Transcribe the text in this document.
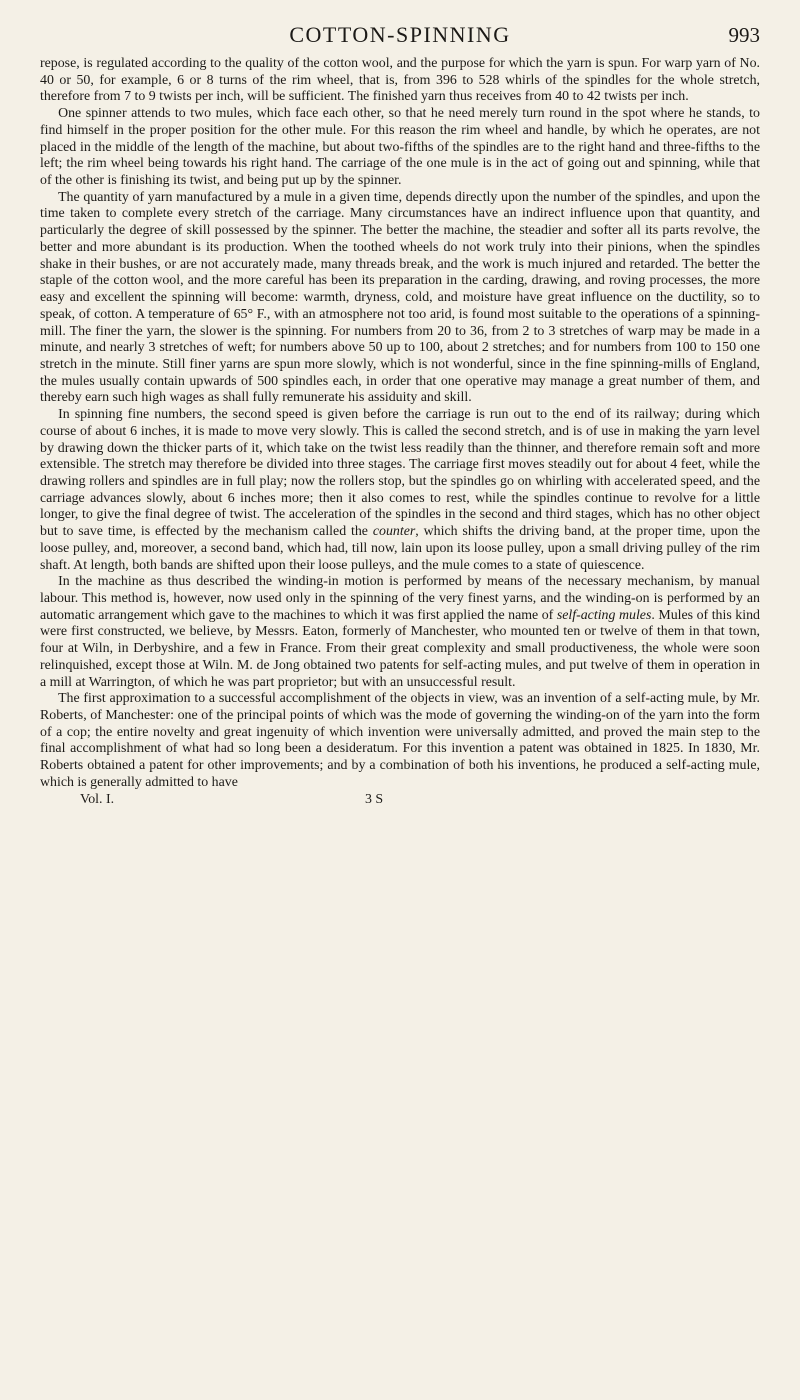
COTTON-SPINNING	993

repose, is regulated according to the quality of the cotton wool, and the purpose for which the yarn is spun. For warp yarn of No. 40 or 50, for example, 6 or 8 turns of the rim wheel, that is, from 396 to 528 whirls of the spindles for the whole stretch, therefore from 7 to 9 twists per inch, will be sufficient. The finished yarn thus receives from 40 to 42 twists per inch.

One spinner attends to two mules, which face each other, so that he need merely turn round in the spot where he stands, to find himself in the proper position for the other mule. For this reason the rim wheel and handle, by which he operates, are not placed in the middle of the length of the machine, but about two-fifths of the spindles are to the right hand and three-fifths to the left; the rim wheel being towards his right hand. The carriage of the one mule is in the act of going out and spinning, while that of the other is finishing its twist, and being put up by the spinner.

The quantity of yarn manufactured by a mule in a given time, depends directly upon the number of the spindles, and upon the time taken to complete every stretch of the carriage. Many circumstances have an indirect influence upon that quantity, and particularly the degree of skill possessed by the spinner. The better the machine, the steadier and softer all its parts revolve, the better and more abundant is its production. When the toothed wheels do not work truly into their pinions, when the spindles shake in their bushes, or are not accurately made, many threads break, and the work is much injured and retarded. The better the staple of the cotton wool, and the more careful has been its preparation in the carding, drawing, and roving processes, the more easy and excellent the spinning will become: warmth, dryness, cold, and moisture have great influence on the ductility, so to speak, of cotton. A temperature of 65° F., with an atmosphere not too arid, is found most suitable to the operations of a spinning-mill. The finer the yarn, the slower is the spinning. For numbers from 20 to 36, from 2 to 3 stretches of warp may be made in a minute, and nearly 3 stretches of weft; for numbers above 50 up to 100, about 2 stretches; and for numbers from 100 to 150 one stretch in the minute. Still finer yarns are spun more slowly, which is not wonderful, since in the fine spinning-mills of England, the mules usually contain upwards of 500 spindles each, in order that one operative may manage a great number of them, and thereby earn such high wages as shall fully remunerate his assiduity and skill.

In spinning fine numbers, the second speed is given before the carriage is run out to the end of its railway; during which course of about 6 inches, it is made to move very slowly. This is called the second stretch, and is of use in making the yarn level by drawing down the thicker parts of it, which take on the twist less readily than the thinner, and therefore remain soft and more extensible. The stretch may therefore be divided into three stages. The carriage first moves steadily out for about 4 feet, while the drawing rollers and spindles are in full play; now the rollers stop, but the spindles go on whirling with accelerated speed, and the carriage advances slowly, about 6 inches more; then it also comes to rest, while the spindles continue to revolve for a little longer, to give the final degree of twist. The acceleration of the spindles in the second and third stages, which has no other object but to save time, is effected by the mechanism called the counter, which shifts the driving band, at the proper time, upon the loose pulley, and, moreover, a second band, which had, till now, lain upon its loose pulley, upon a small driving pulley of the rim shaft. At length, both bands are shifted upon their loose pulleys, and the mule comes to a state of quiescence.

In the machine as thus described the winding-in motion is performed by means of the necessary mechanism, by manual labour. This method is, however, now used only in the spinning of the very finest yarns, and the winding-on is performed by an automatic arrangement which gave to the machines to which it was first applied the name of self-acting mules. Mules of this kind were first constructed, we believe, by Messrs. Eaton, formerly of Manchester, who mounted ten or twelve of them in that town, four at Wiln, in Derbyshire, and a few in France. From their great complexity and small productiveness, the whole were soon relinquished, except those at Wiln. M. de Jong obtained two patents for self-acting mules, and put twelve of them in operation in a mill at Warrington, of which he was part proprietor; but with an unsuccessful result.

The first approximation to a successful accomplishment of the objects in view, was an invention of a self-acting mule, by Mr. Roberts, of Manchester: one of the principal points of which was the mode of governing the winding-on of the yarn into the form of a cop; the entire novelty and great ingenuity of which invention were universally admitted, and proved the main step to the final accomplishment of what had so long been a desideratum. For this invention a patent was obtained in 1825. In 1830, Mr. Roberts obtained a patent for other improvements; and by a combination of both his inventions, he produced a self-acting mule, which is generally admitted to have

Vol. I.	3 S
